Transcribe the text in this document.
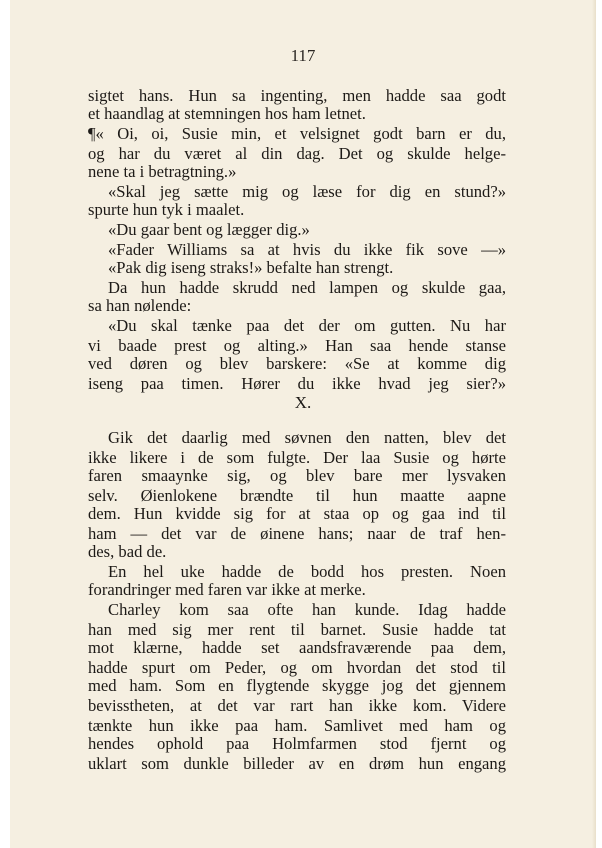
117
sigtet hans. Hun sa ingenting, men hadde saa godt
et haandlag at stemningen hos ham letnet.
¶« Oi, oi, Susie min, et velsignet godt barn er du,
og har du været al din dag. Det og skulde helge-
nene ta i betragtning.»
«Skal jeg sætte mig og læse for dig en stund?»
spurte hun tyk i maalet.
«Du gaar bent og lægger dig.»
«Fader Williams sa at hvis du ikke fik sove —»
«Pak dig iseng straks!» befalte han strengt.
Da hun hadde skrudd ned lampen og skulde gaa,
sa han nølende:
«Du skal tænke paa det der om gutten. Nu har
vi baade prest og alting.» Han saa hende stanse
ved døren og blev barskere: «Se at komme dig
iseng paa timen. Hører du ikke hvad jeg sier?»
X.
Gik det daarlig med søvnen den natten, blev det
ikke likere i de som fulgte. Der laa Susie og hørte
faren smaaynke sig, og blev bare mer lysvaken
selv. Øienlokene brændte til hun maatte aapne
dem. Hun kvidde sig for at staa op og gaa ind til
ham — det var de øinene hans; naar de traf hen-
des, bad de.
En hel uke hadde de bodd hos presten. Noen
forandringer med faren var ikke at merke.
Charley kom saa ofte han kunde. Idag hadde
han med sig mer rent til barnet. Susie hadde tat
mot klærne, hadde set aandsfraværende paa dem,
hadde spurt om Peder, og om hvordan det stod til
med ham. Som en flygtende skygge jog det gjennem
bevisstheten, at det var rart han ikke kom. Videre
tænkte hun ikke paa ham. Samlivet med ham og
hendes ophold paa Holmfarmen stod fjernt og
uklart som dunkle billeder av en drøm hun engang
